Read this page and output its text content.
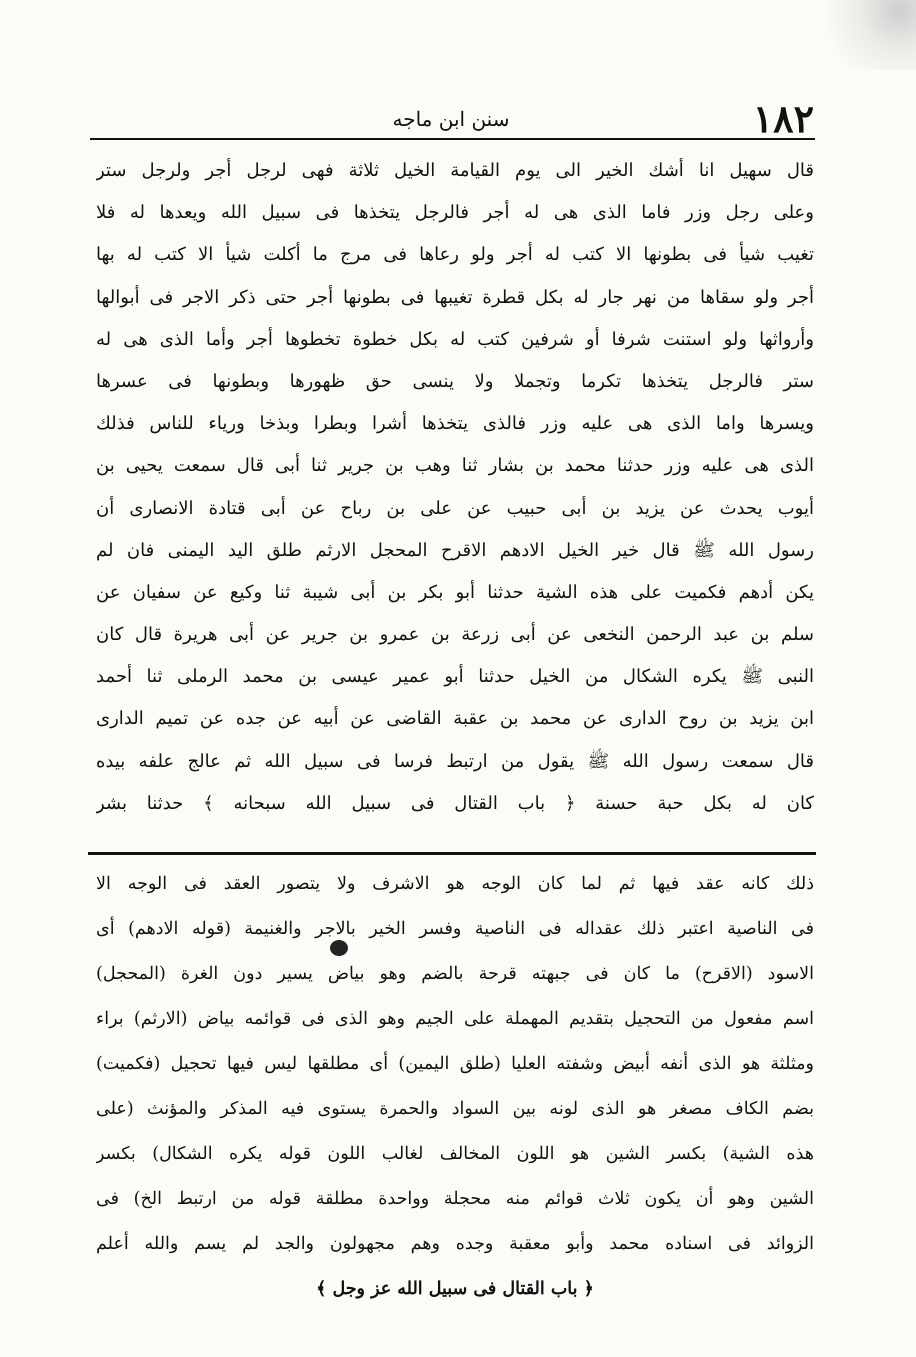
١٨٢
سنن ابن ماجه
قال سهيل انا أشك الخير الى يوم القيامة الخيل ثلاثة فهى لرجل أجر ولرجل ستر
وعلى رجل وزر فاما الذى هى له أجر فالرجل يتخذها فى سبيل الله ويعدها له فلا
تغيب شيأ فى بطونها الا كتب له أجر ولو رعاها فى مرج ما أكلت شيأ الا كتب له بها
أجر ولو سقاها من نهر جار له بكل قطرة تغيبها فى بطونها أجر حتى ذكر الاجر فى أبوالها
وأرواثها ولو استنت شرفا أو شرفين كتب له بكل خطوة تخطوها أجر وأما الذى هى له
ستر فالرجل يتخذها تكرما وتجملا ولا ينسى حق ظهورها وبطونها فى عسرها
ويسرها واما الذى هى عليه وزر فالذى يتخذها أشرا وبطرا وبذخا ورياء للناس فذلك
الذى هى عليه وزر حدثنا محمد بن بشار ثنا وهب بن جرير ثنا أبى قال سمعت يحيى بن
أيوب يحدث عن يزيد بن أبى حبيب عن على بن رباح عن أبى قتادة الانصارى أن
رسول الله ﷺ قال خير الخيل الادهم الاقرح المحجل الارثم طلق اليد اليمنى فان لم
يكن أدهم فكميت على هذه الشية حدثنا أبو بكر بن أبى شيبة ثنا وكيع عن سفيان عن
سلم بن عبد الرحمن النخعى عن أبى زرعة بن عمرو بن جرير عن أبى هريرة قال كان
النبى ﷺ يكره الشكال من الخيل حدثنا أبو عمير عيسى بن محمد الرملى ثنا أحمد
ابن يزيد بن روح الدارى عن محمد بن عقبة القاضى عن أبيه عن جده عن تميم الدارى
قال سمعت رسول الله ﷺ يقول من ارتبط فرسا فى سبيل الله ثم عالج علفه بيده
كان له بكل حبة حسنة ﴿ باب القتال فى سبيل الله سبحانه ﴾ حدثنا بشر
ذلك كانه عقد فيها ثم لما كان الوجه هو الاشرف ولا يتصور العقد فى الوجه الا
فى الناصية اعتبر ذلك عقداله فى الناصية وفسر الخير بالاجر والغنيمة (قوله الادهم) أى
الاسود (الاقرح) ما كان فى جبهته قرحة بالضم وهو بياض يسير دون الغرة (المحجل)
اسم مفعول من التحجيل بتقديم المهملة على الجيم وهو الذى فى قوائمه بياض (الارثم) براء
ومثلثة هو الذى أنفه أبيض وشفته العليا (طلق اليمين) أى مطلقها ليس فيها تحجيل (فكميت)
بضم الكاف مصغر هو الذى لونه بين السواد والحمرة يستوى فيه المذكر والمؤنث (على
هذه الشية) بكسر الشين هو اللون المخالف لغالب اللون قوله يكره الشكال) بكسر
الشين وهو أن يكون ثلاث قوائم منه محجلة وواحدة مطلقة قوله من ارتبط الخ) فى
الزوائد فى اسناده محمد وأبو معقبة وجده وهم مجهولون والجد لم يسم والله أعلم
﴿ باب القتال فى سبيل الله عز وجل ﴾
